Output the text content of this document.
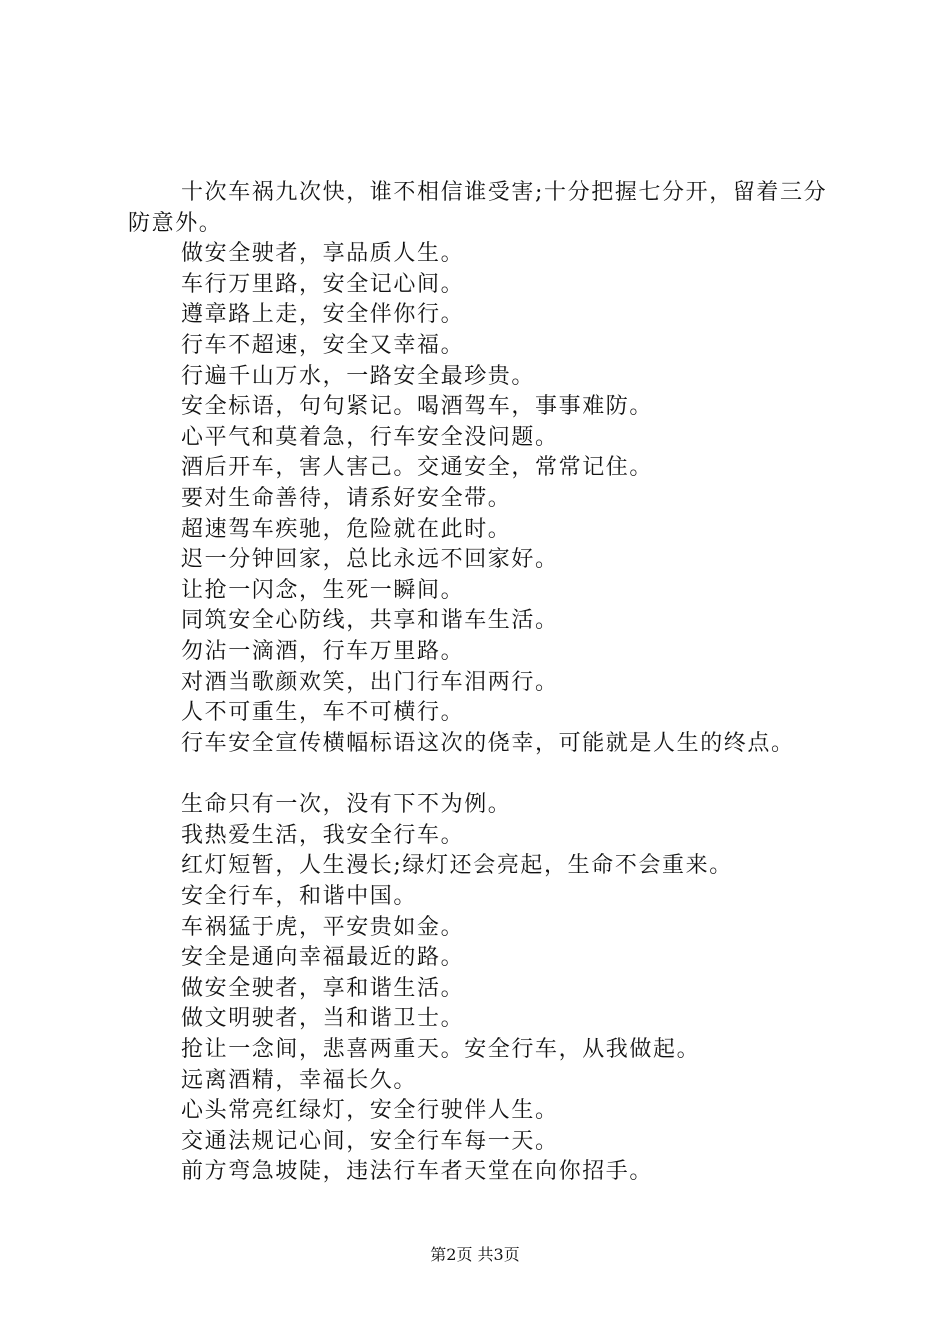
十次车祸九次快，谁不相信谁受害;十分把握七分开，留着三分防意外。

做安全驶者，享品质人生。

车行万里路，安全记心间。

遵章路上走，安全伴你行。

行车不超速，安全又幸福。

行遍千山万水，一路安全最珍贵。

安全标语，句句紧记。喝酒驾车，事事难防。

心平气和莫着急，行车安全没问题。

酒后开车，害人害己。交通安全，常常记住。

要对生命善待，请系好安全带。

超速驾车疾驰，危险就在此时。

迟一分钟回家，总比永远不回家好。

让抢一闪念，生死一瞬间。

同筑安全心防线，共享和谐车生活。

勿沾一滴酒，行车万里路。

对酒当歌颜欢笑，出门行车泪两行。

人不可重生，车不可横行。

行车安全宣传横幅标语这次的侥幸，可能就是人生的终点。

生命只有一次，没有下不为例。

我热爱生活，我安全行车。

红灯短暂，人生漫长;绿灯还会亮起，生命不会重来。

安全行车，和谐中国。

车祸猛于虎，平安贵如金。

安全是通向幸福最近的路。

做安全驶者，享和谐生活。

做文明驶者，当和谐卫士。

抢让一念间，悲喜两重天。安全行车，从我做起。

远离酒精，幸福长久。

心头常亮红绿灯，安全行驶伴人生。

交通法规记心间，安全行车每一天。

前方弯急坡陡，违法行车者天堂在向你招手。

第2页 共3页
